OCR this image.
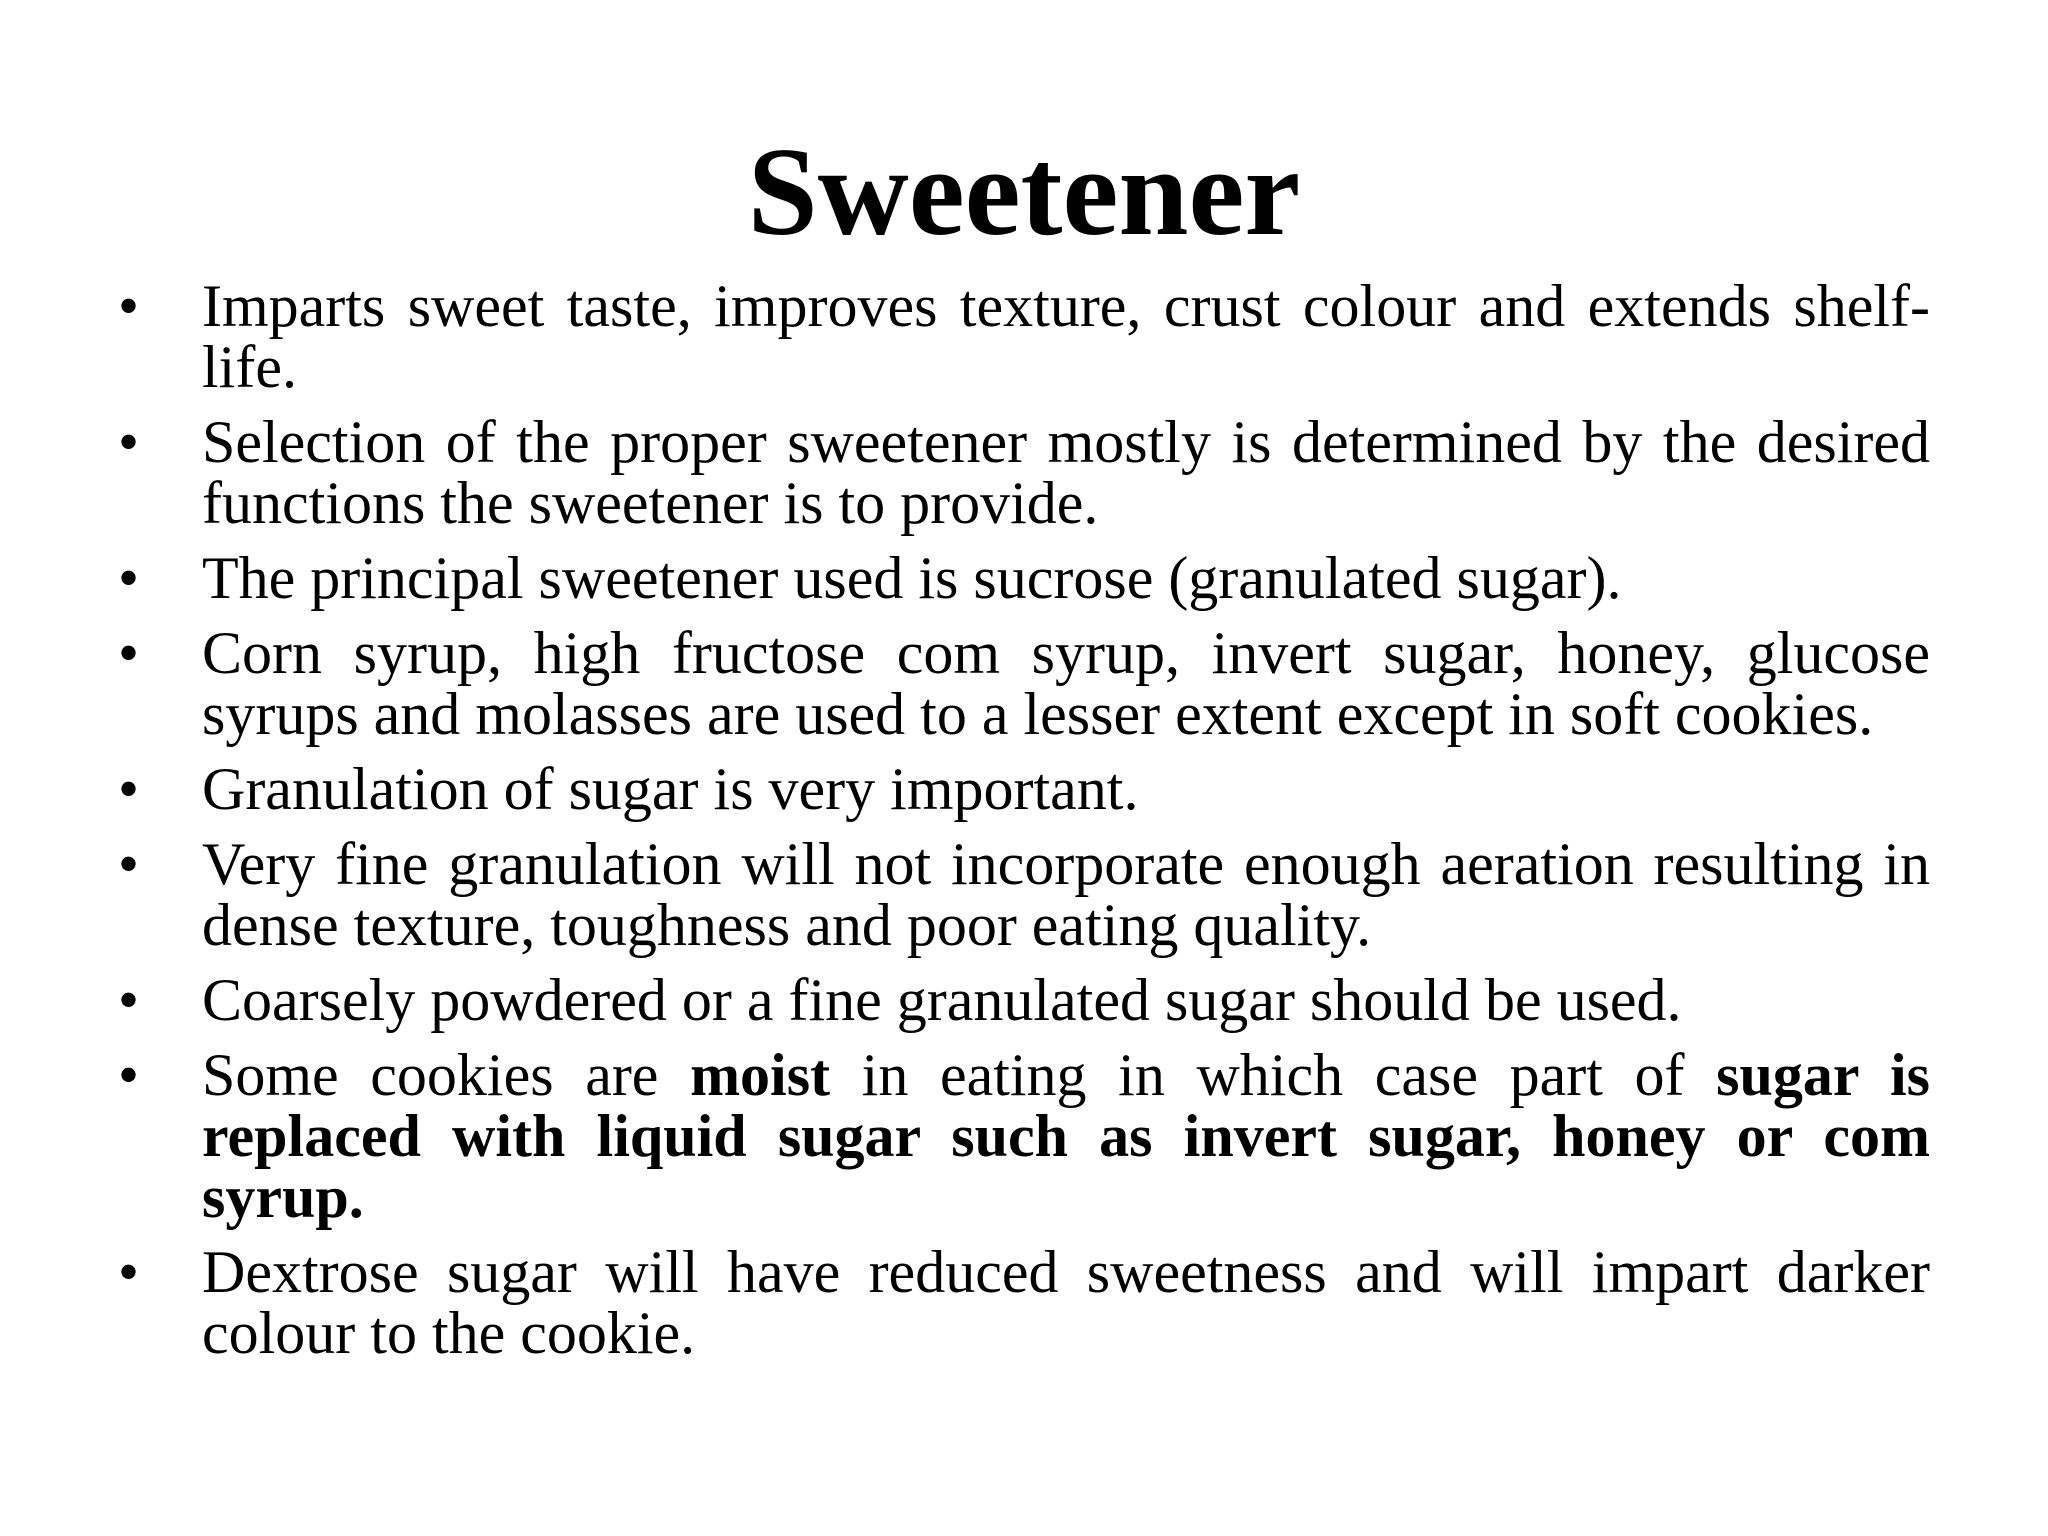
Sweetener
• Imparts sweet taste, improves texture, crust colour and extends shelf-life.
• Selection of the proper sweetener mostly is determined by the desired functions the sweetener is to provide.
• The principal sweetener used is sucrose (granulated sugar).
• Corn syrup, high fructose com syrup, invert sugar, honey, glucose syrups and molasses are used to a lesser extent except in soft cookies.
• Granulation of sugar is very important.
• Very fine granulation will not incorporate enough aeration resulting in dense texture, toughness and poor eating quality.
• Coarsely powdered or a fine granulated sugar should be used.
• Some cookies are moist in eating in which case part of sugar is replaced with liquid sugar such as invert sugar, honey or com syrup.
• Dextrose sugar will have reduced sweetness and will impart darker colour to the cookie.
